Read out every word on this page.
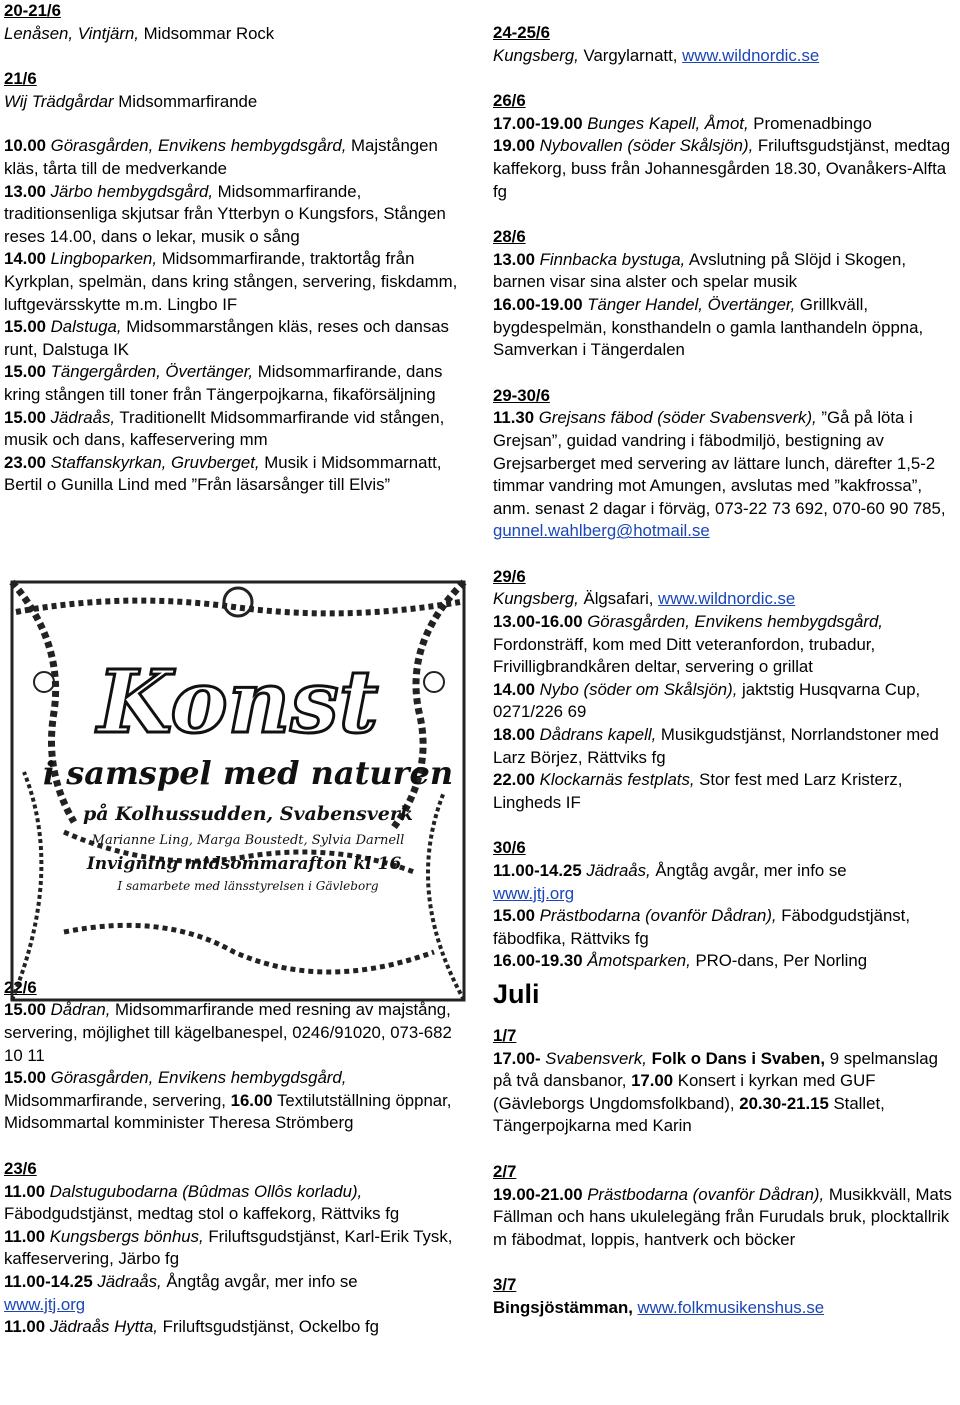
20-21/6

Lenåsen, Vintjärn, Midsommar Rock

21/6

Wij Trädgårdar Midsommarfirande

10.00 Görasgården, Envikens hembygdsgård, Majstången kläs, tårta till de medverkande

13.00 Järbo hembygdsgård, Midsommarfirande, traditionsenliga skjutsar från Ytterbyn o Kungsfors, Stången reses 14.00, dans o lekar, musik o sång

14.00 Lingboparken, Midsommarfirande, traktortåg från Kyrkplan, spelmän, dans kring stången, servering, fiskdamm, luftgevärsskytte m.m. Lingbo IF

15.00 Dalstuga, Midsommarstången kläs, reses och dansas runt, Dalstuga IK

15.00 Tängergården, Övertänger, Midsommarfirande, dans kring stången till toner från Tängerpojkarna, fikaförsäljning

15.00 Jädraås, Traditionellt Midsommarfirande vid stången, musik och dans, kaffeservering mm

23.00 Staffanskyrkan, Gruvberget, Musik i Midsommarnatt, Bertil o Gunilla Lind med ”Från läsarsånger till Elvis”

22/6

15.00 Dådran, Midsommarfirande med resning av majstång, servering, möjlighet till kägelbanespel, 0246/91020, 073-682 10 11

15.00 Görasgården, Envikens hembygdsgård, Midsommarfirande, servering, 16.00 Textilutställning öppnar, Midsommartal komminister Theresa Strömberg

23/6

11.00 Dalstugubodarna (Bûdmas Ollôs korladu), Fäbodgudstjänst, medtag stol o kaffekorg, Rättviks fg

11.00 Kungsbergs bönhus, Friluftsgudstjänst, Karl-Erik Tysk, kaffeservering, Järbo fg

11.00-14.25 Jädraås, Ångtåg avgår, mer info se
www.jtj.org

11.00 Jädraås Hytta, Friluftsgudstjänst, Ockelbo fg

Konst
i samspel med naturen
på Kolhussudden, Svabensverk
Marianne Ling, Marga Boustedt, Sylvia Darnell
Invigning midsommarafton kl 16
I samarbete med länsstyrelsen i Gävleborg
24-25/6

Kungsberg, Vargylarnatt, www.wildnordic.se

26/6

17.00-19.00 Bunges Kapell, Åmot, Promenadbingo

19.00 Nybovallen (söder Skålsjön), Friluftsgudstjänst, medtag kaffekorg, buss från Johannesgården 18.30, Ovanåkers-Alfta fg

28/6

13.00 Finnbacka bystuga, Avslutning på Slöjd i Skogen, barnen visar sina alster och spelar musik

16.00-19.00 Tänger Handel, Övertänger, Grillkväll, bygdespelmän, konsthandeln o gamla lanthandeln öppna, Samverkan i Tängerdalen

29-30/6

11.30 Grejsans fäbod (söder Svabensverk), ”Gå på löta i Grejsan”, guidad vandring i fäbodmiljö, bestigning av Grejsarberget med servering av lättare lunch, därefter 1,5-2 timmar vandring mot Amungen, avslutas med ”kakfrossa”, anm. senast 2 dagar i förväg, 073-22 73 692, 070-60 90 785,
gunnel.wahlberg@hotmail.se

29/6

Kungsberg, Älgsafari, www.wildnordic.se

13.00-16.00 Görasgården, Envikens hembygdsgård, Fordonsträff, kom med Ditt veteranfordon, trubadur, Frivilligbrandkåren deltar, servering o grillat

14.00 Nybo (söder om Skålsjön), jaktstig Husqvarna Cup, 0271/226 69

18.00 Dådrans kapell, Musikgudstjänst, Norrlandstoner med Larz Börjez, Rättviks fg

22.00 Klockarnäs festplats, Stor fest med Larz Kristerz, Lingheds IF

30/6

11.00-14.25 Jädraås, Ångtåg avgår, mer info se
www.jtj.org

15.00 Prästbodarna (ovanför Dådran), Fäbodgudstjänst, fäbodfika, Rättviks fg

16.00-19.30 Åmotsparken, PRO-dans, Per Norling

Juli
1/7

17.00- Svabensverk, Folk o Dans i Svaben, 9 spelmanslag på två dansbanor, 17.00 Konsert i kyrkan med GUF (Gävleborgs Ungdomsfolkband), 20.30-21.15 Stallet, Tängerpojkarna med Karin

2/7

19.00-21.00 Prästbodarna (ovanför Dådran), Musikkväll, Mats Fällman och hans ukulelegäng från Furudals bruk, plocktallrik m fäbodmat, loppis, hantverk och böcker

3/7

Bingsjöstämman, www.folkmusikenshus.se
